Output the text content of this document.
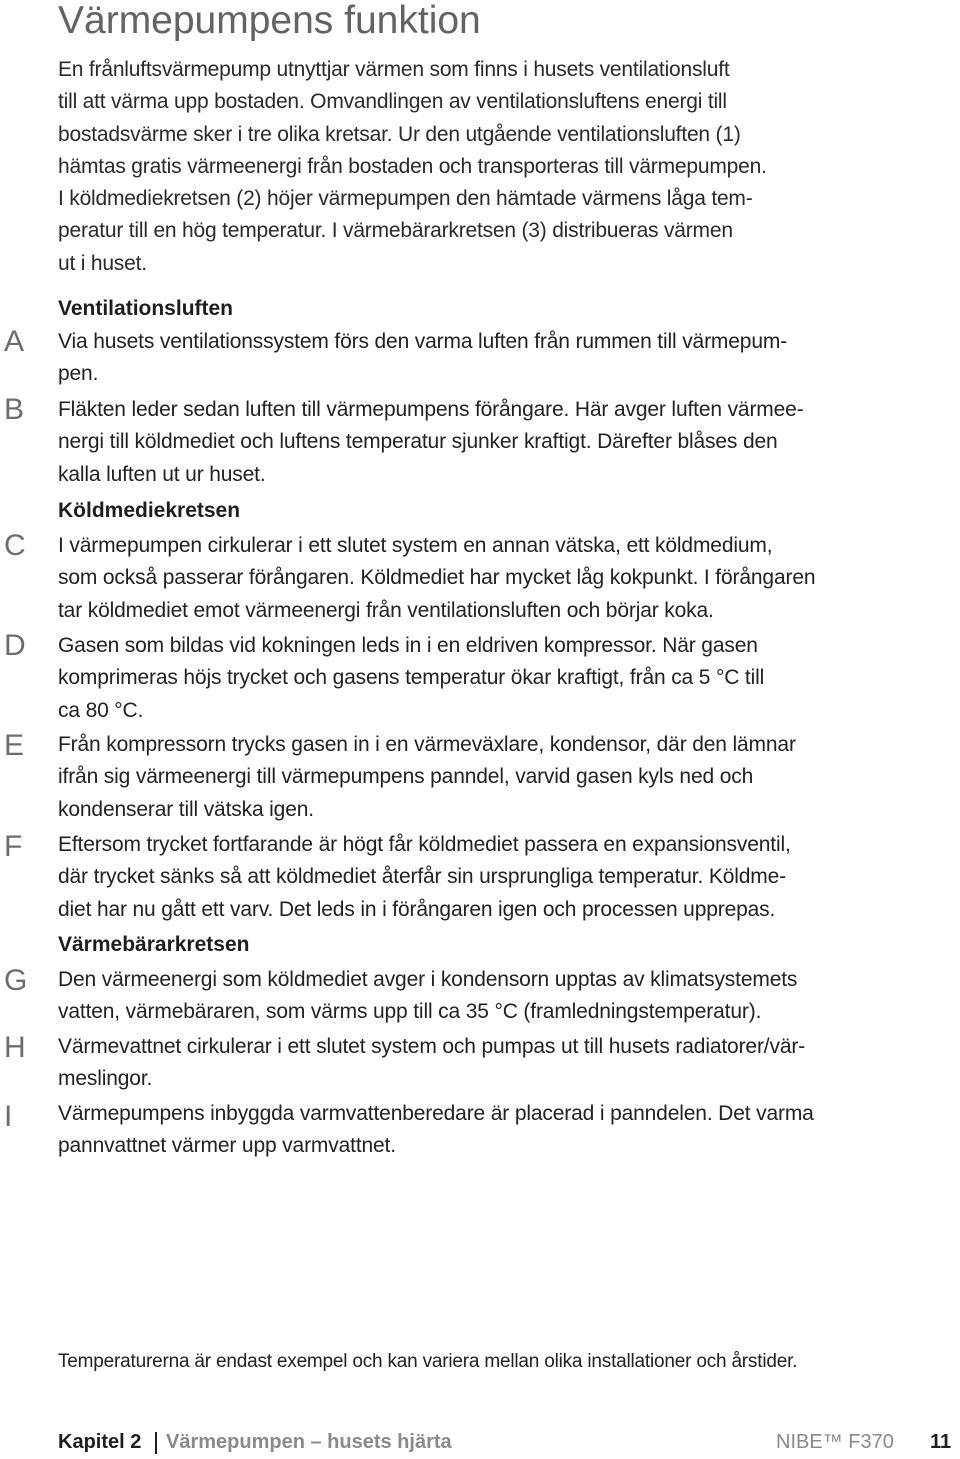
Värmepumpens funktion
En frånluftsvärmepump utnyttjar värmen som finns i husets ventilationsluft
till att värma upp bostaden. Omvandlingen av ventilationsluftens energi till
bostadsvärme sker i tre olika kretsar. Ur den utgående ventilationsluften (1)
hämtas gratis värmeenergi från bostaden och transporteras till värmepumpen.
I köldmediekretsen (2) höjer värmepumpen den hämtade värmens låga tem-
peratur till en hög temperatur. I värmebärarkretsen (3) distribueras värmen
ut i huset.
Ventilationsluften
A Via husets ventilationssystem förs den varma luften från rummen till värmepum-
pen.
B Fläkten leder sedan luften till värmepumpens förångare. Här avger luften värmee-
nergi till köldmediet och luftens temperatur sjunker kraftigt. Därefter blåses den
kalla luften ut ur huset.
Köldmediekretsen
C I värmepumpen cirkulerar i ett slutet system en annan vätska, ett köldmedium,
som också passerar förångaren. Köldmediet har mycket låg kokpunkt. I förångaren
tar köldmediet emot värmeenergi från ventilationsluften och börjar koka.
D Gasen som bildas vid kokningen leds in i en eldriven kompressor. När gasen
komprimeras höjs trycket och gasens temperatur ökar kraftigt, från ca 5 °C till
ca 80 °C.
E Från kompressorn trycks gasen in i en värmeväxlare, kondensor, där den lämnar
ifrån sig värmeenergi till värmepumpens panndel, varvid gasen kyls ned och
kondenserar till vätska igen.
F Eftersom trycket fortfarande är högt får köldmediet passera en expansionsventil,
där trycket sänks så att köldmediet återfår sin ursprungliga temperatur. Köldme-
diet har nu gått ett varv. Det leds in i förångaren igen och processen upprepas.
Värmebärarkretsen
G Den värmeenergi som köldmediet avger i kondensorn upptas av klimatsystemets
vatten, värmebäraren, som värms upp till ca 35 °C (framledningstemperatur).
H Värmevattnet cirkulerar i ett slutet system och pumpas ut till husets radiatorer/vär-
meslingor.
I Värmepumpens inbyggda varmvattenberedare är placerad i panndelen. Det varma
pannvattnet värmer upp varmvattnet.
Temperaturerna är endast exempel och kan variera mellan olika installationer och årstider.
Kapitel 2 Värmepumpen – husets hjärta	NIBE™ F370 11
